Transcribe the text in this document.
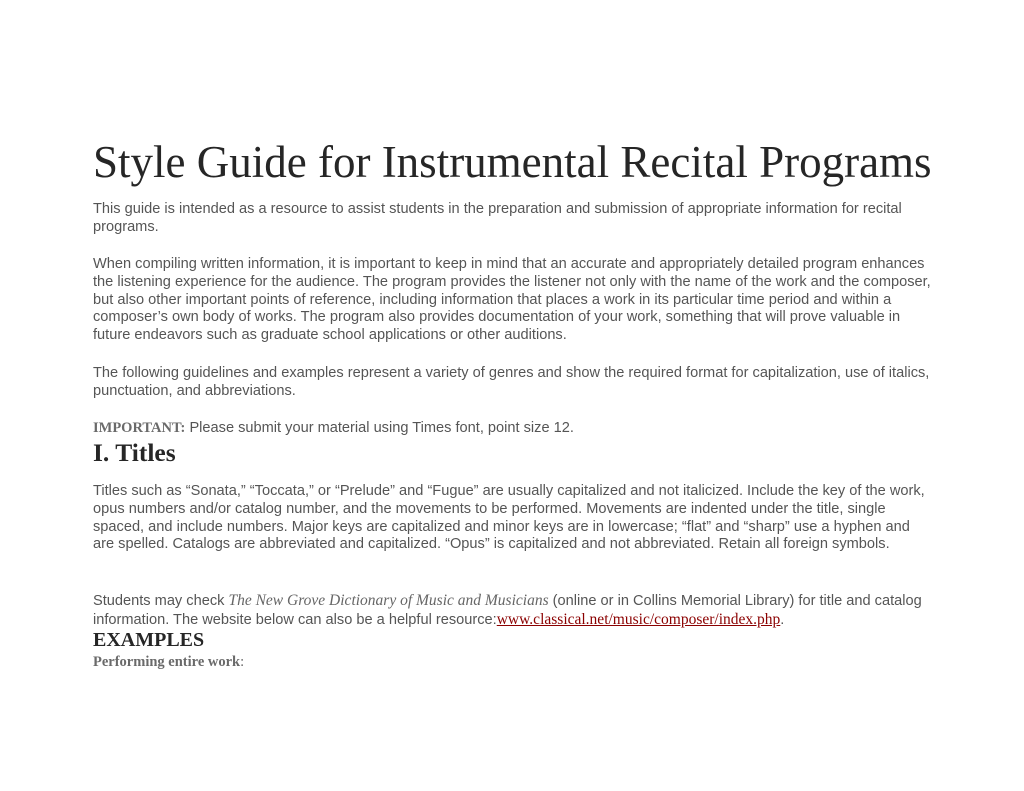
Style Guide for Instrumental Recital Programs

This guide is intended as a resource to assist students in the preparation and submission of appropriate information for recital programs.

When compiling written information, it is important to keep in mind that an accurate and appropriately detailed program enhances the listening experience for the audience. The program provides the listener not only with the name of the work and the composer, but also other important points of reference, including information that places a work in its particular time period and within a composer’s own body of works. The program also provides documentation of your work, something that will prove valuable in future endeavors such as graduate school applications or other auditions.

The following guidelines and examples represent a variety of genres and show the required format for capitalization, use of italics, punctuation, and abbreviations.

IMPORTANT: Please submit your material using Times font, point size 12.

I. Titles

Titles such as “Sonata,” “Toccata,” or “Prelude” and “Fugue” are usually capitalized and not italicized. Include the key of the work, opus numbers and/or catalog number, and the movements to be performed. Movements are indented under the title, single spaced, and include numbers. Major keys are capitalized and minor keys are in lowercase; “flat” and “sharp” use a hyphen and are spelled. Catalogs are abbreviated and capitalized. “Opus” is capitalized and not abbreviated. Retain all foreign symbols.

Students may check The New Grove Dictionary of Music and Musicians (online or in Collins Memorial Library) for title and catalog information. The website below can also be a helpful resource:www.classical.net/music/composer/index.php.

EXAMPLES

Performing entire work:
